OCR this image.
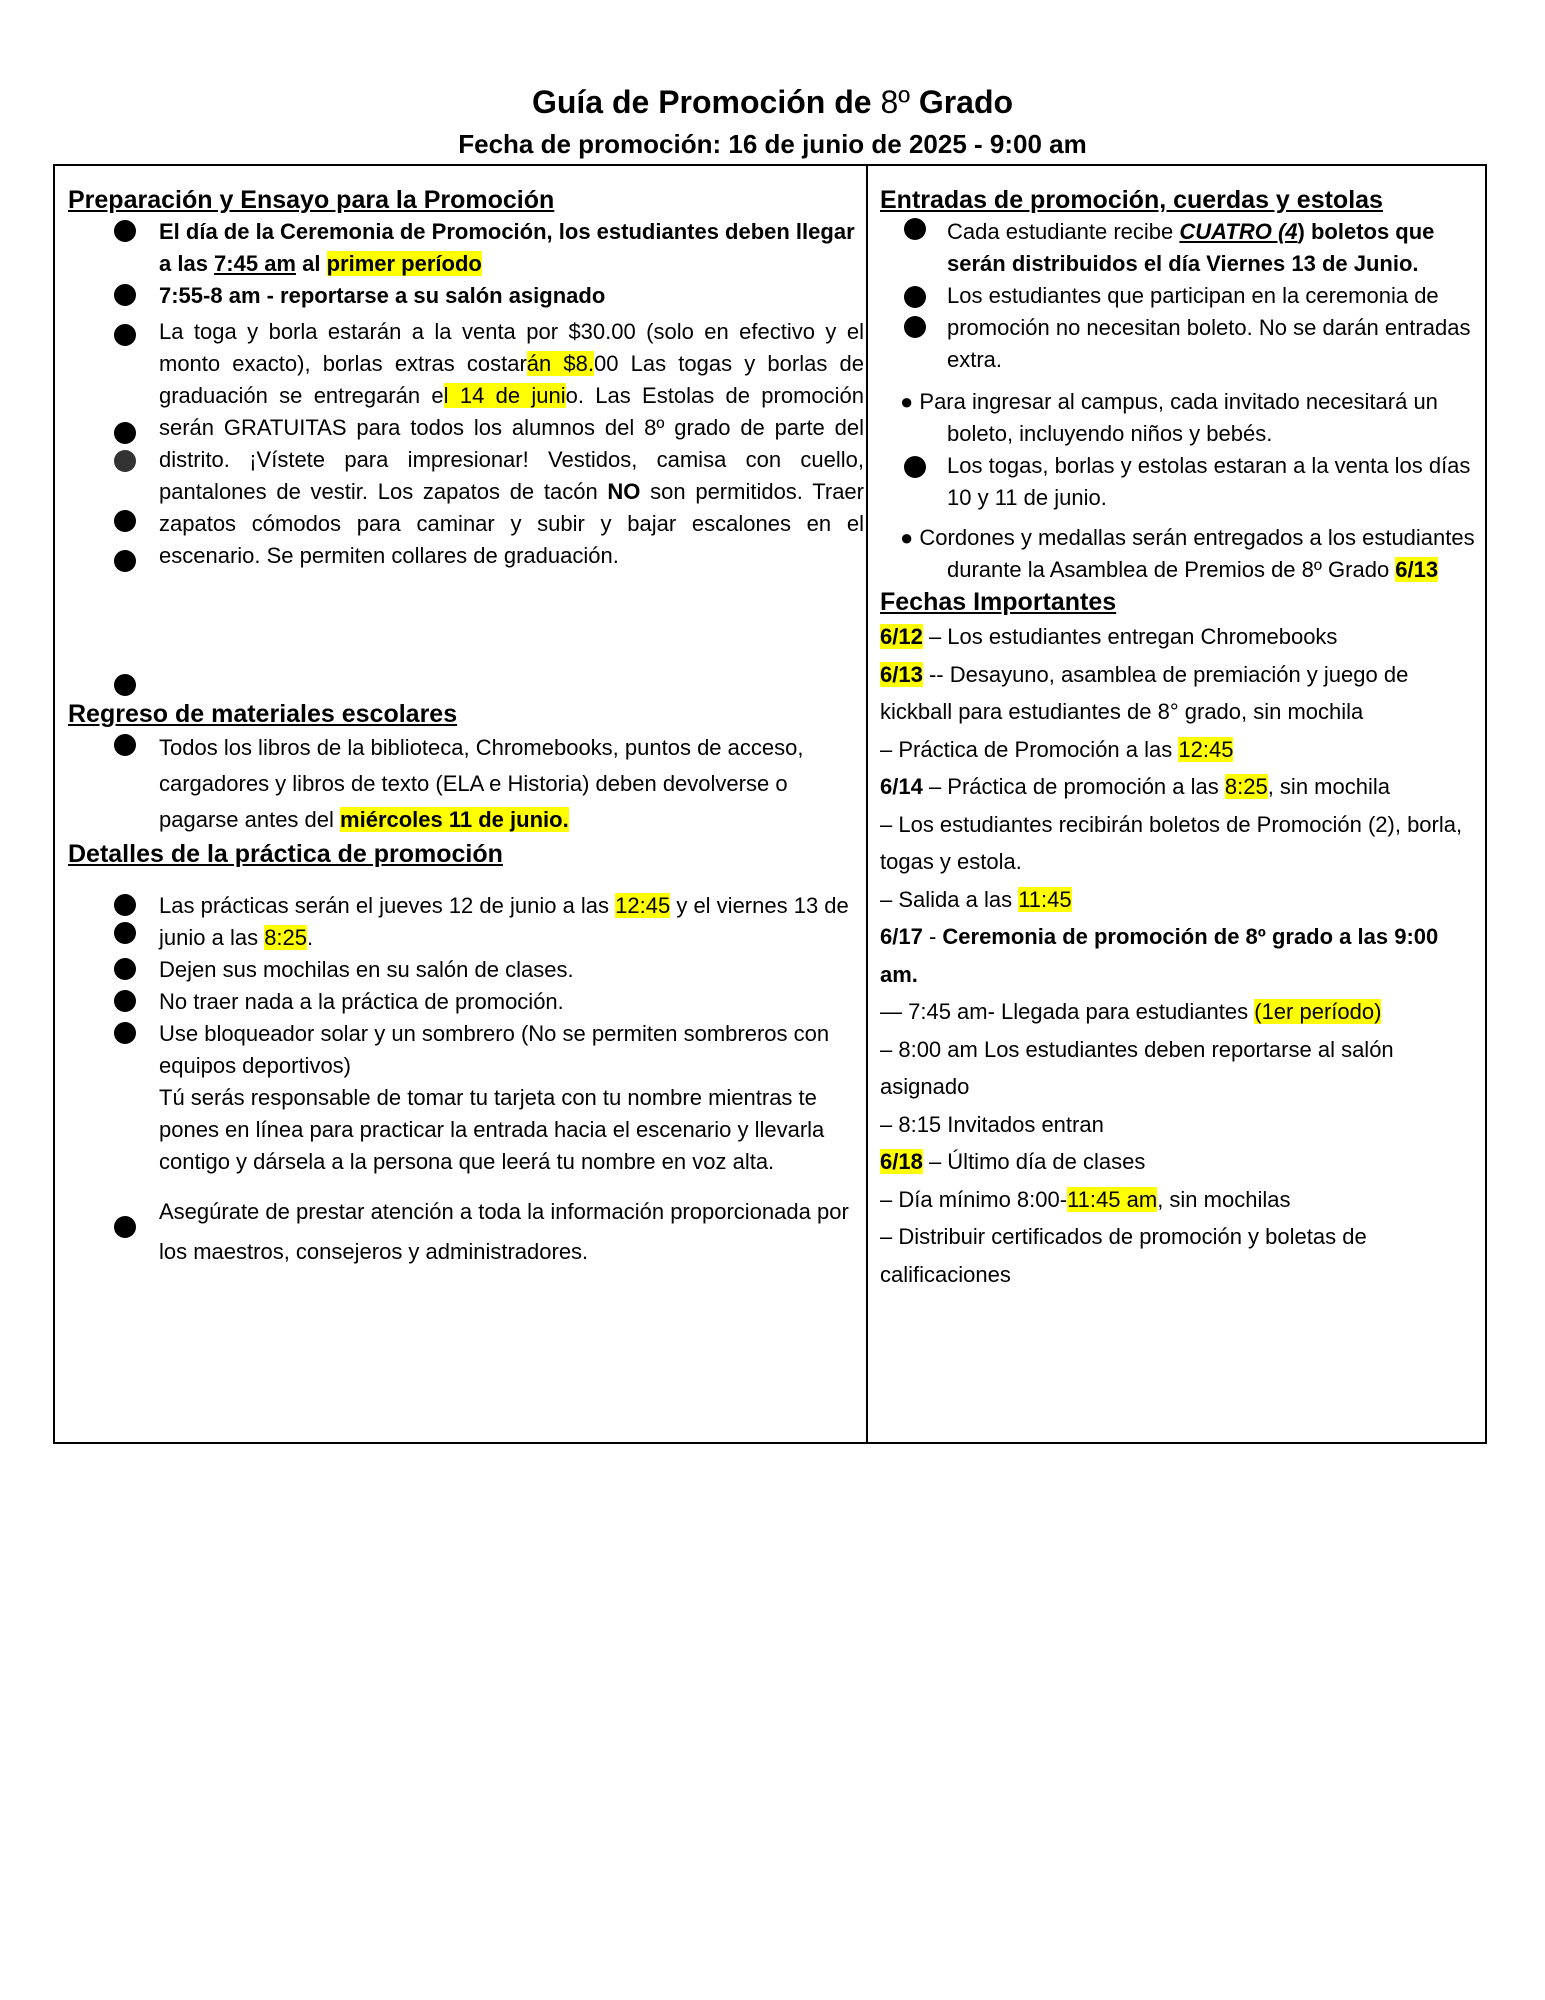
Guía de Promoción de 8º Grado
Fecha de promoción: 16 de junio de 2025 - 9:00 am

Preparación y Ensayo para la Promoción

El día de la Ceremonia de Promoción, los estudiantes deben llegar a las 7:45 am al primer período
7:55-8 am - reportarse a su salón asignado
La toga y borla estarán a la venta por $30.00 (solo en efectivo y el monto exacto), borlas extras costarán $8.00 Las togas y borlas de graduación se entregarán el 14 de junio. Las Estolas de promoción serán GRATUITAS para todos los alumnos del 8º grado de parte del distrito. ¡Vístete para impresionar! Vestidos, camisa con cuello, pantalones de vestir. Los zapatos de tacón NO son permitidos. Traer zapatos cómodos para caminar y subir y bajar escalones en el escenario. Se permiten collares de graduación.

Regreso de materiales escolares

Todos los libros de la biblioteca, Chromebooks, puntos de acceso, cargadores y libros de texto (ELA e Historia) deben devolverse o pagarse antes del miércoles 11 de junio.

Detalles de la práctica de promoción

Las prácticas serán el jueves 12 de junio a las 12:45 y el viernes 13 de junio a las 8:25.
Dejen sus mochilas en su salón de clases.
No traer nada a la práctica de promoción.
Use bloqueador solar y un sombrero (No se permiten sombreros con equipos deportivos)
Tú serás responsable de tomar tu tarjeta con tu nombre mientras te pones en línea para practicar la entrada hacia el escenario y llevarla contigo y dársela a la persona que leerá tu nombre en voz alta.
Asegúrate de prestar atención a toda la información proporcionada por los maestros, consejeros y administradores.

Entradas de promoción, cuerdas y estolas

Cada estudiante recibe CUATRO (4) boletos que serán distribuidos el día Viernes 13 de Junio.
Los estudiantes que participan en la ceremonia de promoción no necesitan boleto. No se darán entradas extra.

● Para ingresar al campus, cada invitado necesitará un boleto, incluyendo niños y bebés.

Los togas, borlas y estolas estaran a la venta los días 10 y 11 de junio.

● Cordones y medallas serán entregados a los estudiantes durante la Asamblea de Premios de 8º Grado 6/13

Fechas Importantes

6/12 – Los estudiantes entregan Chromebooks

6/13 -- Desayuno, asamblea de premiación y juego de kickball para estudiantes de 8° grado, sin mochila

– Práctica de Promoción a las 12:45

6/14 – Práctica de promoción a las 8:25, sin mochila

– Los estudiantes recibirán boletos de Promoción (2), borla, togas y estola.

– Salida a las 11:45

6/17 - Ceremonia de promoción de 8º grado a las 9:00 am.

— 7:45 am- Llegada para estudiantes (1er período)

– 8:00 am Los estudiantes deben reportarse al salón asignado

– 8:15 Invitados entran

6/18 – Último día de clases

– Día mínimo 8:00-11:45 am, sin mochilas

– Distribuir certificados de promoción y boletas de calificaciones
